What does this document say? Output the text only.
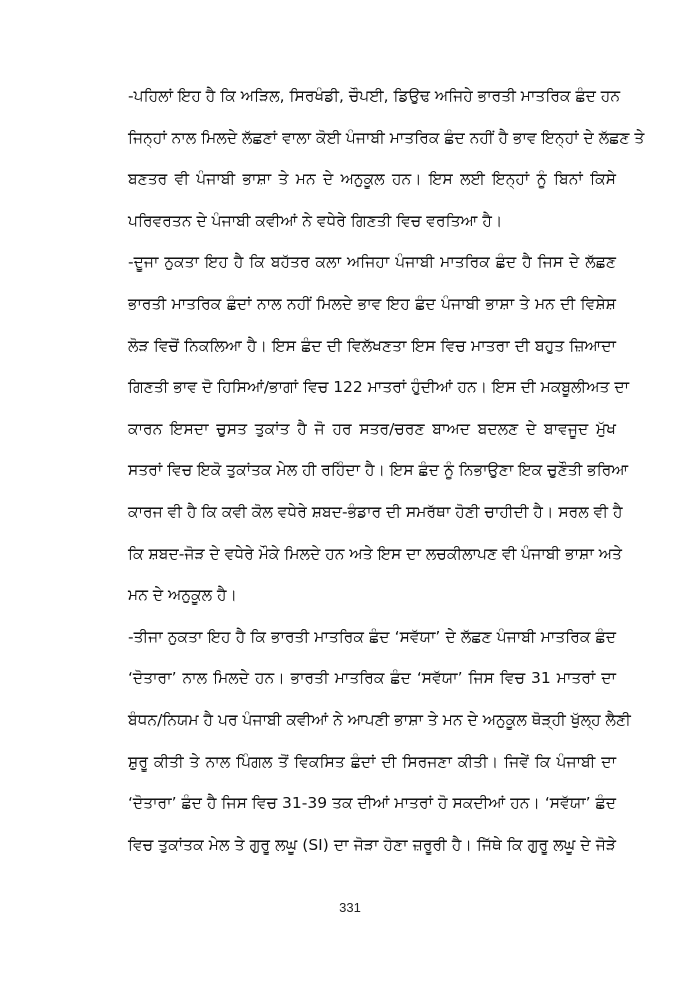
-ਪਹਿਲਾਂ ਇਹ ਹੈ ਕਿ ਅੜਿਲ, ਸਿਰਖੰਡੀ, ਚੌਪਈ, ਡਿਉਢ ਅਜਿਹੇ ਭਾਰਤੀ ਮਾਤਰਿਕ ਛੰਦ ਹਨ
ਜਿਨ੍ਹਾਂ ਨਾਲ ਮਿਲਦੇ ਲੱਛਣਾਂ ਵਾਲਾ ਕੋਈ ਪੰਜਾਬੀ ਮਾਤਰਿਕ ਛੰਦ ਨਹੀਂ ਹੈ ਭਾਵ ਇਨ੍ਹਾਂ ਦੇ ਲੱਛਣ ਤੇ
ਬਣਤਰ ਵੀ ਪੰਜਾਬੀ ਭਾਸ਼ਾ ਤੇ ਮਨ ਦੇ ਅਨੁਕੂਲ ਹਨ। ਇਸ ਲਈ ਇਨ੍ਹਾਂ ਨੂੰ ਬਿਨਾਂ ਕਿਸੇ
ਪਰਿਵਰਤਨ ਦੇ ਪੰਜਾਬੀ ਕਵੀਆਂ ਨੇ ਵਧੇਰੇ ਗਿਣਤੀ ਵਿਚ ਵਰਤਿਆ ਹੈ।
-ਦੂਜਾ ਨੁਕਤਾ ਇਹ ਹੈ ਕਿ ਬਹੱਤਰ ਕਲਾ ਅਜਿਹਾ ਪੰਜਾਬੀ ਮਾਤਰਿਕ ਛੰਦ ਹੈ ਜਿਸ ਦੇ ਲੱਛਣ
ਭਾਰਤੀ ਮਾਤਰਿਕ ਛੰਦਾਂ ਨਾਲ ਨਹੀਂ ਮਿਲਦੇ ਭਾਵ ਇਹ ਛੰਦ ਪੰਜਾਬੀ ਭਾਸ਼ਾ ਤੇ ਮਨ ਦੀ ਵਿਸ਼ੇਸ਼
ਲੋੜ ਵਿਚੋਂ ਨਿਕਲਿਆ ਹੈ। ਇਸ ਛੰਦ ਦੀ ਵਿਲੱਖਣਤਾ ਇਸ ਵਿਚ ਮਾਤਰਾ ਦੀ ਬਹੁਤ ਜ਼ਿਆਦਾ
ਗਿਣਤੀ ਭਾਵ ਦੋ ਹਿਸਿਆਂ/ਭਾਗਾਂ ਵਿਚ 122 ਮਾਤਰਾਂ ਹੁੰਦੀਆਂ ਹਨ। ਇਸ ਦੀ ਮਕਬੂਲੀਅਤ ਦਾ
ਕਾਰਨ ਇਸਦਾ ਚੁਸਤ ਤੁਕਾਂਤ ਹੈ ਜੋ ਹਰ ਸਤਰ/ਚਰਣ ਬਾਅਦ ਬਦਲਣ ਦੇ ਬਾਵਜੂਦ ਮੁੱਖ
ਸਤਰਾਂ ਵਿਚ ਇਕੋ ਤੁਕਾਂਤਕ ਮੇਲ ਹੀ ਰਹਿੰਦਾ ਹੈ। ਇਸ ਛੰਦ ਨੂੰ ਨਿਭਾਉਣਾ ਇਕ ਚੁਣੌਤੀ ਭਰਿਆ
ਕਾਰਜ ਵੀ ਹੈ ਕਿ ਕਵੀ ਕੋਲ ਵਧੇਰੇ ਸ਼ਬਦ-ਭੰਡਾਰ ਦੀ ਸਮਰੱਥਾ ਹੋਣੀ ਚਾਹੀਦੀ ਹੈ। ਸਰਲ ਵੀ ਹੈ
ਕਿ ਸ਼ਬਦ-ਜੋੜ ਦੇ ਵਧੇਰੇ ਮੌਕੇ ਮਿਲਦੇ ਹਨ ਅਤੇ ਇਸ ਦਾ ਲਚਕੀਲਾਪਣ ਵੀ ਪੰਜਾਬੀ ਭਾਸ਼ਾ ਅਤੇ
ਮਨ ਦੇ ਅਨੁਕੂਲ ਹੈ।
-ਤੀਜਾ ਨੁਕਤਾ ਇਹ ਹੈ ਕਿ ਭਾਰਤੀ ਮਾਤਰਿਕ ਛੰਦ ‘ਸਵੱਯਾ’ ਦੇ ਲੱਛਣ ਪੰਜਾਬੀ ਮਾਤਰਿਕ ਛੰਦ
‘ਦੋਤਾਰਾ’ ਨਾਲ ਮਿਲਦੇ ਹਨ। ਭਾਰਤੀ ਮਾਤਰਿਕ ਛੰਦ ‘ਸਵੱਯਾ’ ਜਿਸ ਵਿਚ 31 ਮਾਤਰਾਂ ਦਾ
ਬੰਧਨ/ਨਿਯਮ ਹੈ ਪਰ ਪੰਜਾਬੀ ਕਵੀਆਂ ਨੇ ਆਪਣੀ ਭਾਸ਼ਾ ਤੇ ਮਨ ਦੇ ਅਨੁਕੂਲ ਥੋੜ੍ਹੀ ਖੁੱਲ੍ਹ ਲੈਣੀ
ਸ਼ੁਰੂ ਕੀਤੀ ਤੇ ਨਾਲ ਪਿੰਗਲ ਤੋਂ ਵਿਕਸਿਤ ਛੰਦਾਂ ਦੀ ਸਿਰਜਣਾ ਕੀਤੀ। ਜਿਵੇਂ ਕਿ ਪੰਜਾਬੀ ਦਾ
‘ਦੋਤਾਰਾ’ ਛੰਦ ਹੈ ਜਿਸ ਵਿਚ 31-39 ਤਕ ਦੀਆਂ ਮਾਤਰਾਂ ਹੋ ਸਕਦੀਆਂ ਹਨ। ‘ਸਵੱਯਾ’ ਛੰਦ
ਵਿਚ ਤੁਕਾਂਤਕ ਮੇਲ ਤੇ ਗੁਰੂ ਲਘੂ (SI) ਦਾ ਜੋੜਾ ਹੋਣਾ ਜ਼ਰੂਰੀ ਹੈ। ਜਿੱਥੇ ਕਿ ਗੁਰੂ ਲਘੂ ਦੇ ਜੋੜੇ
331
